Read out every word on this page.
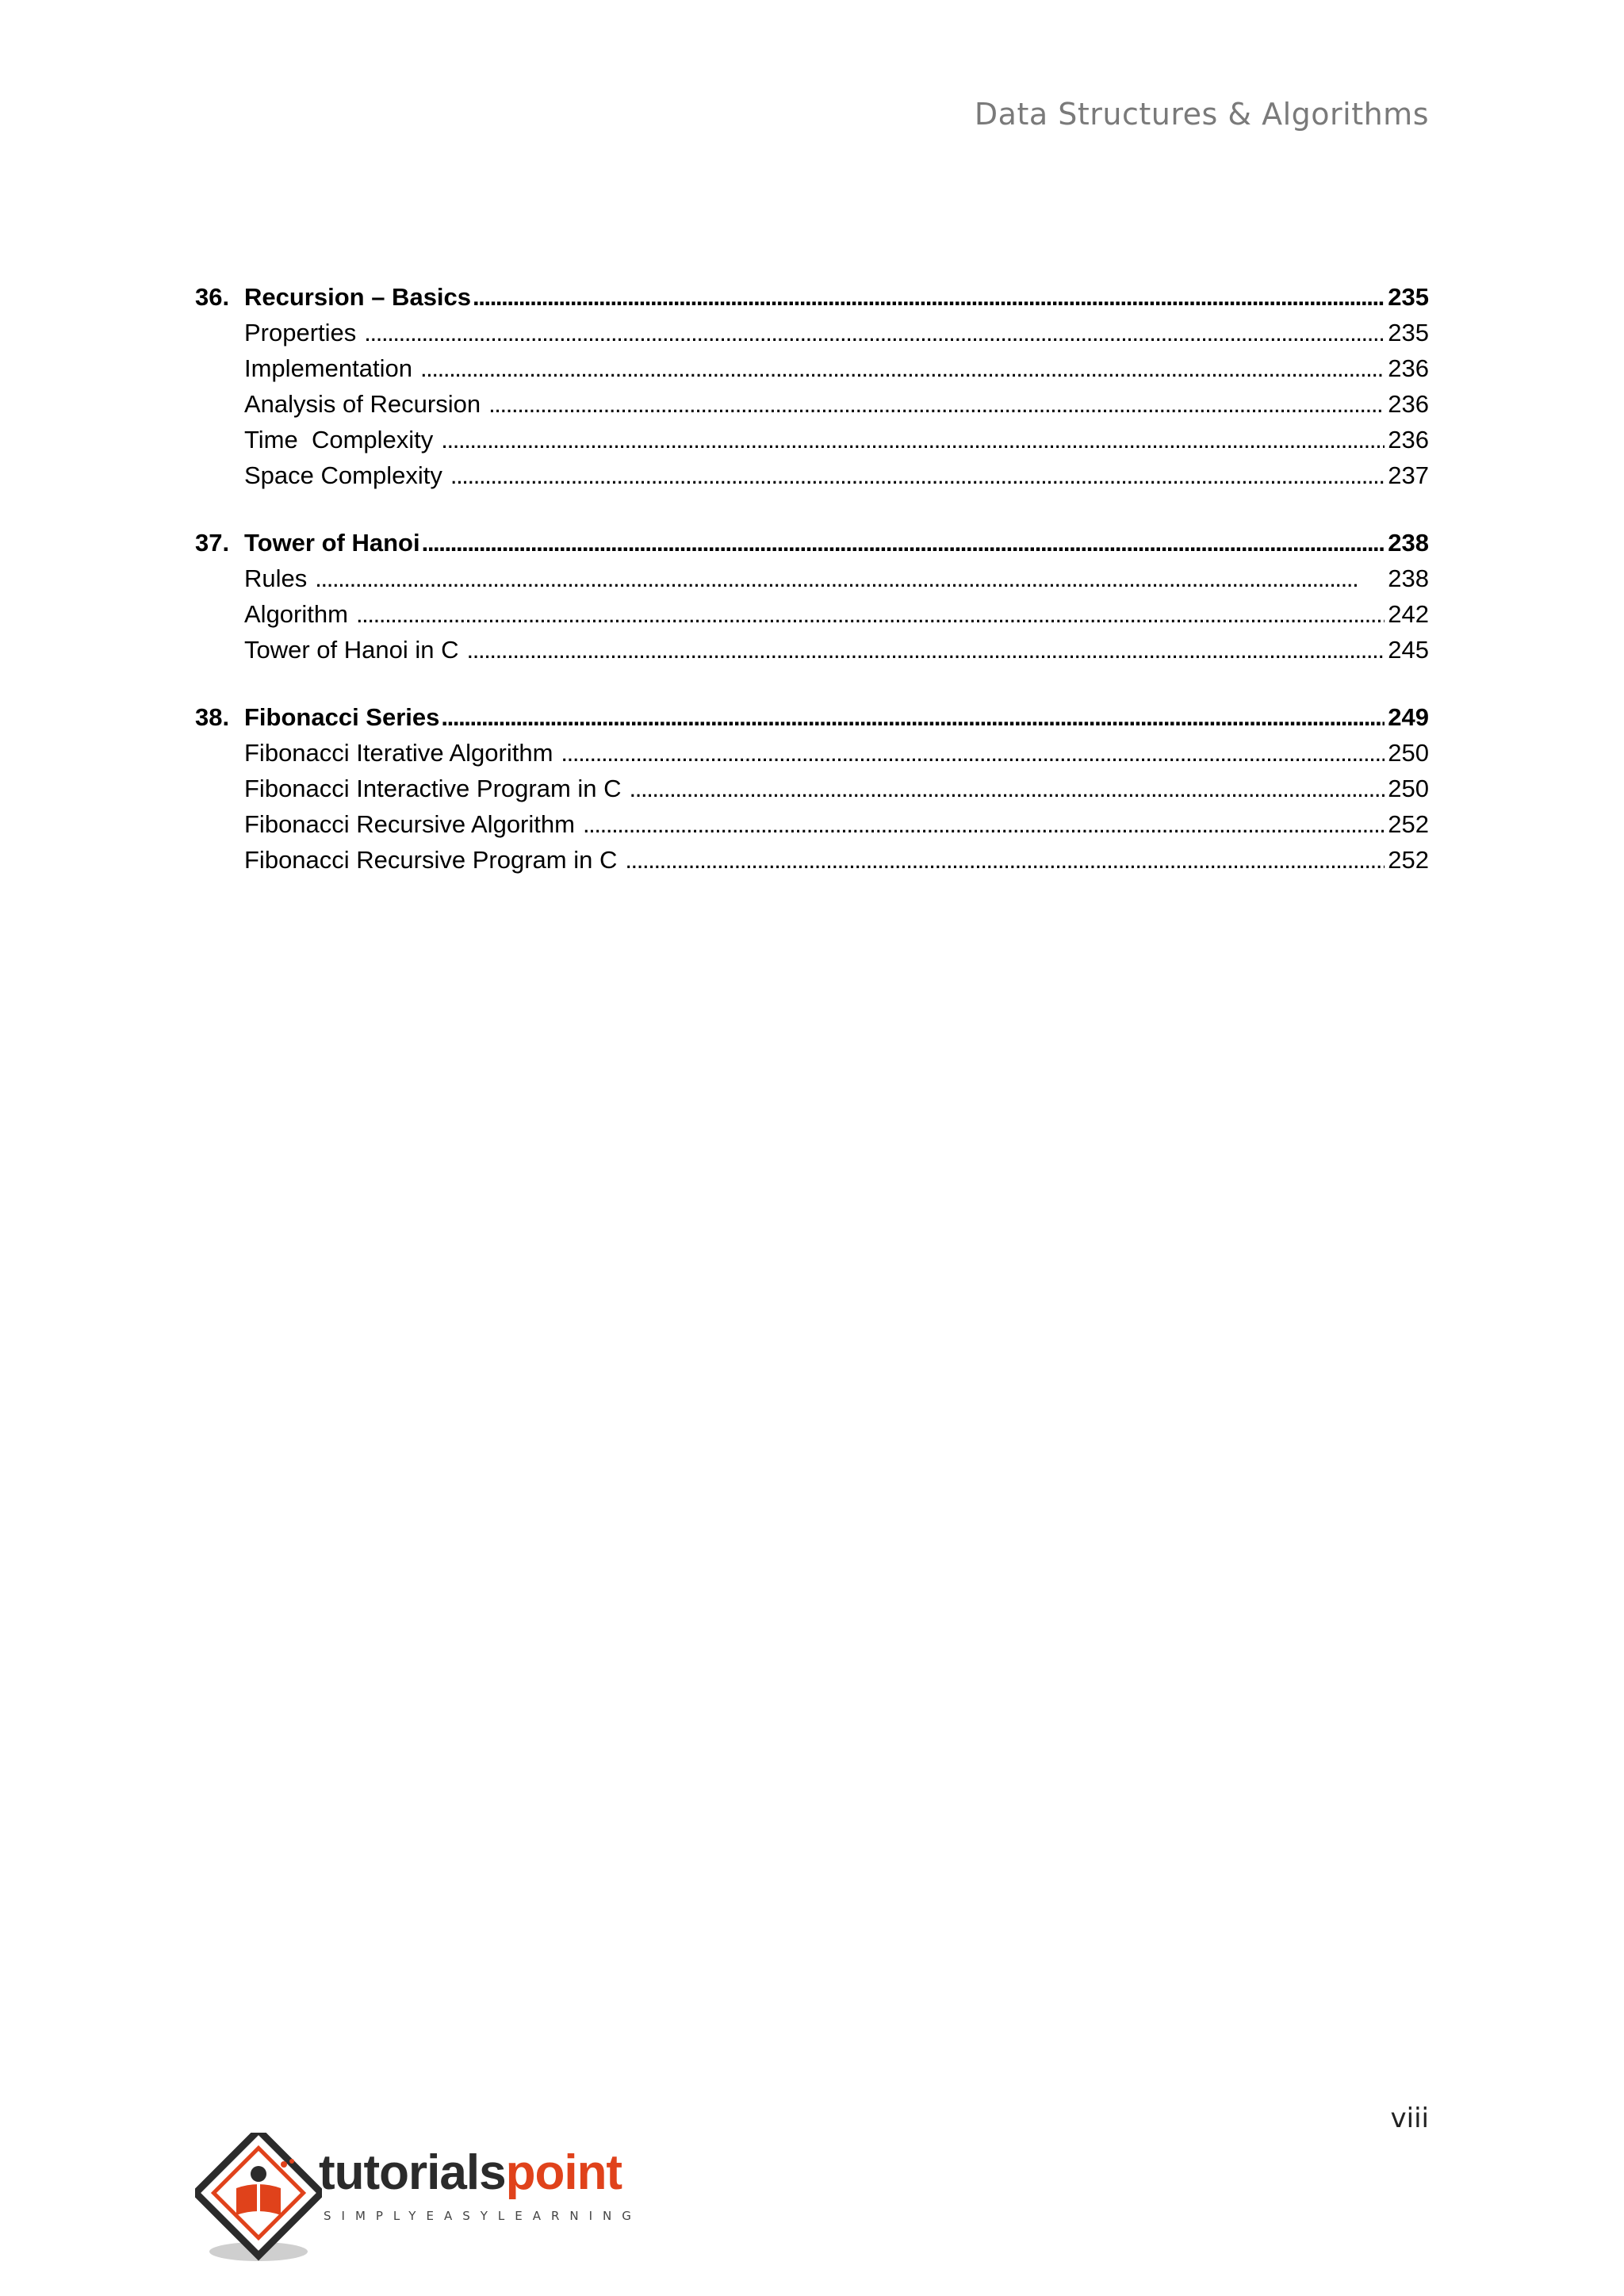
Data Structures & Algorithms
36. Recursion – Basics . . .	235
Properties . . .	235
Implementation . . .	236
Analysis of Recursion . . .	236
Time  Complexity . . .	236
Space Complexity . . .	237
37. Tower of Hanoi . . .	238
Rules . . .	238
Algorithm . . .	242
Tower of Hanoi in C . . .	245
38. Fibonacci Series . . .	249
Fibonacci Iterative Algorithm . . .	250
Fibonacci Interactive Program in C . . .	250
Fibonacci Recursive Algorithm . . .	252
Fibonacci Recursive Program in C . . .	252
viii
tutorialspoint
SIMPLYEASYLEARNING
